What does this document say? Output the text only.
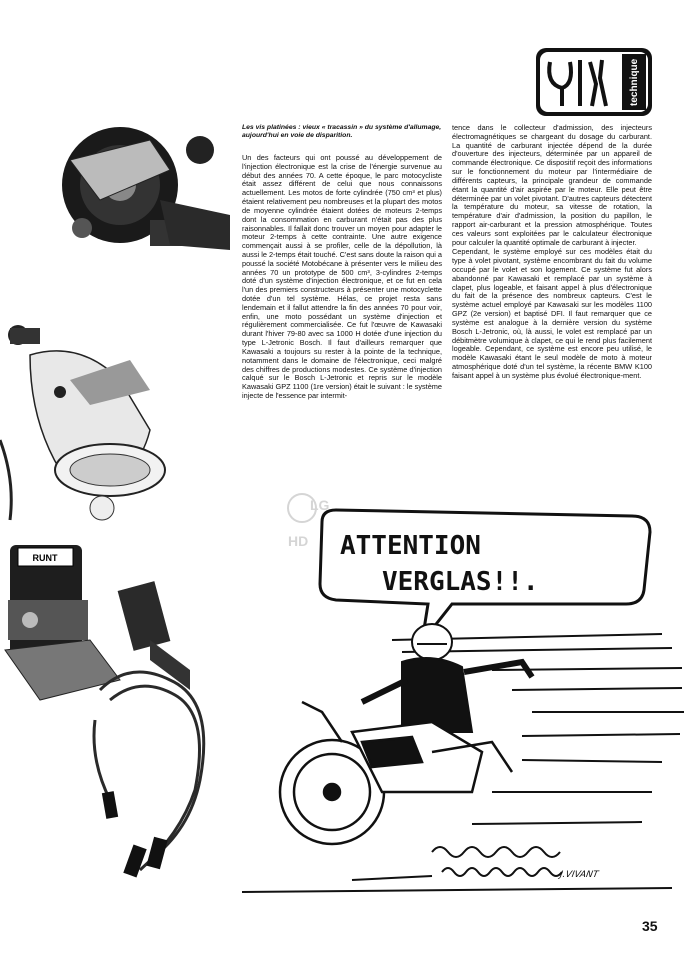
RUNT
technique
Les vis platinées : vieux « tracassin » du système d'allumage, aujourd'hui en voie de disparition.

Un des facteurs qui ont poussé au développement de l'injection électronique est la crise de l'énergie survenue au début des années 70. A cette époque, le parc motocycliste était assez différent de celui que nous connaissons actuellement. Les motos de forte cylindrée (750 cm³ et plus) étaient relativement peu nombreuses et la plupart des motos de moyenne cylindrée étaient dotées de moteurs 2-temps dont la consommation en carburant n'était pas des plus raisonnables. Il fallait donc trouver un moyen pour adapter le moteur 2-temps à cette contrainte. Une autre exigence commençait aussi à se profiler, celle de la dépollution, là aussi le 2-temps était touché. C'est sans doute la raison qui a poussé la société Motobécane à présenter vers le milieu des années 70 un prototype de 500 cm³, 3-cylindres 2-temps doté d'un système d'injection électronique, et ce fut en cela l'un des premiers constructeurs à présenter une motocyclette dotée d'un tel système. Hélas, ce projet resta sans lendemain et il fallut attendre la fin des années 70 pour voir, enfin, une moto possédant un système d'injection et régulièrement commercialisée. Ce fut l'œuvre de Kawasaki durant l'hiver 79-80 avec sa 1000 H dotée d'une injection du type L-Jetronic Bosch. Il faut d'ailleurs remarquer que Kawasaki a toujours su rester à la pointe de la technique, notamment dans le domaine de l'électronique, ceci malgré des chiffres de productions modestes. Ce système d'injection calqué sur le Bosch L-Jetronic et repris sur le modèle Kawasaki GPZ 1100 (1re version) était le suivant : le système injecte de l'essence par intermit-

tence dans le collecteur d'admission, des injecteurs électromagnétiques se chargeant du dosage du carburant. La quantité de carburant injectée dépend de la durée d'ouverture des injecteurs, déterminée par un appareil de commande électronique. Ce dispositif reçoit des informations sur le fonctionnement du moteur par l'intermédiaire de différents capteurs, la principale grandeur de commande étant la quantité d'air aspirée par le moteur. Elle peut être déterminée par un volet pivotant. D'autres capteurs détectent la température du moteur, sa vitesse de rotation, la température d'air d'admission, la position du papillon, le rapport air-carburant et la pression atmosphérique. Toutes ces valeurs sont exploitées par le calculateur électronique pour calculer la quantité optimale de carburant à injecter.

Cependant, le système employé sur ces modèles était du type à volet pivotant, système encombrant du fait du volume occupé par le volet et son logement. Ce système fut alors abandonné par Kawasaki et remplacé par un système à clapet, plus logeable, et faisant appel à plus d'électronique du fait de la présence des nombreux capteurs. C'est le système actuel employé par Kawasaki sur les modèles 1100 GPZ (2e version) et baptisé DFI. Il faut remarquer que ce système est analogue à la dernière version du système Bosch L-Jetronic, où, là aussi, le volet est remplacé par un débitmètre volumique à clapet, ce qui le rend plus facilement logeable. Cependant, ce système est encore peu utilisé, le modèle Kawasaki étant le seul modèle de moto à moteur atmosphérique doté d'un tel système, la récente BMW K100 faisant appel à un système plus évolué électronique-ment.

LG
HD ATTENTION
VERGLAS!!.
J.VIVANT
35
